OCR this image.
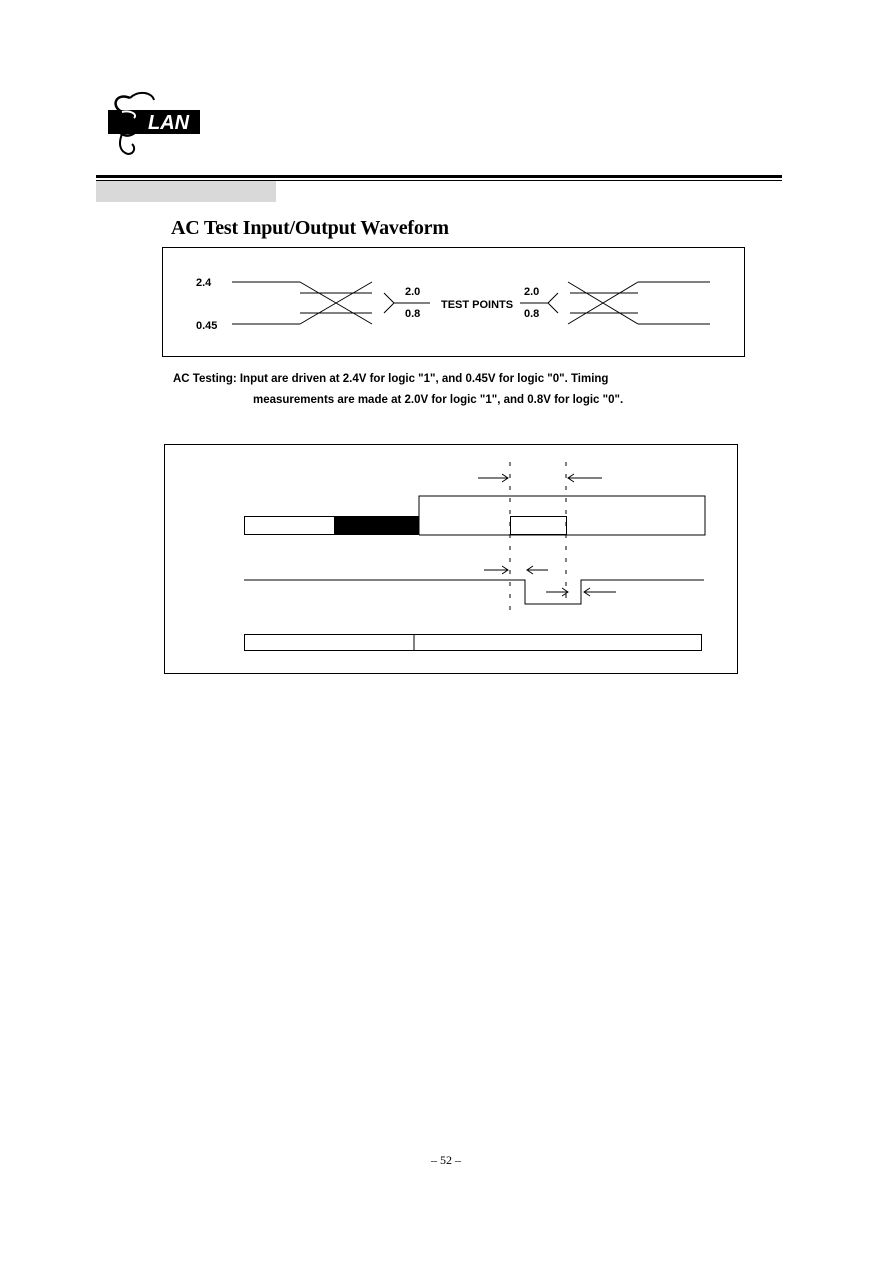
LAN
AC Test Input/Output Waveform
2.4
0.45
2.0
0.8
TEST POINTS
2.0
0.8
AC Testing: Input are driven at 2.4V for logic "1", and 0.45V for logic "0". Timing
measurements are made at 2.0V for logic "1", and 0.8V for logic "0".
– 52 –
